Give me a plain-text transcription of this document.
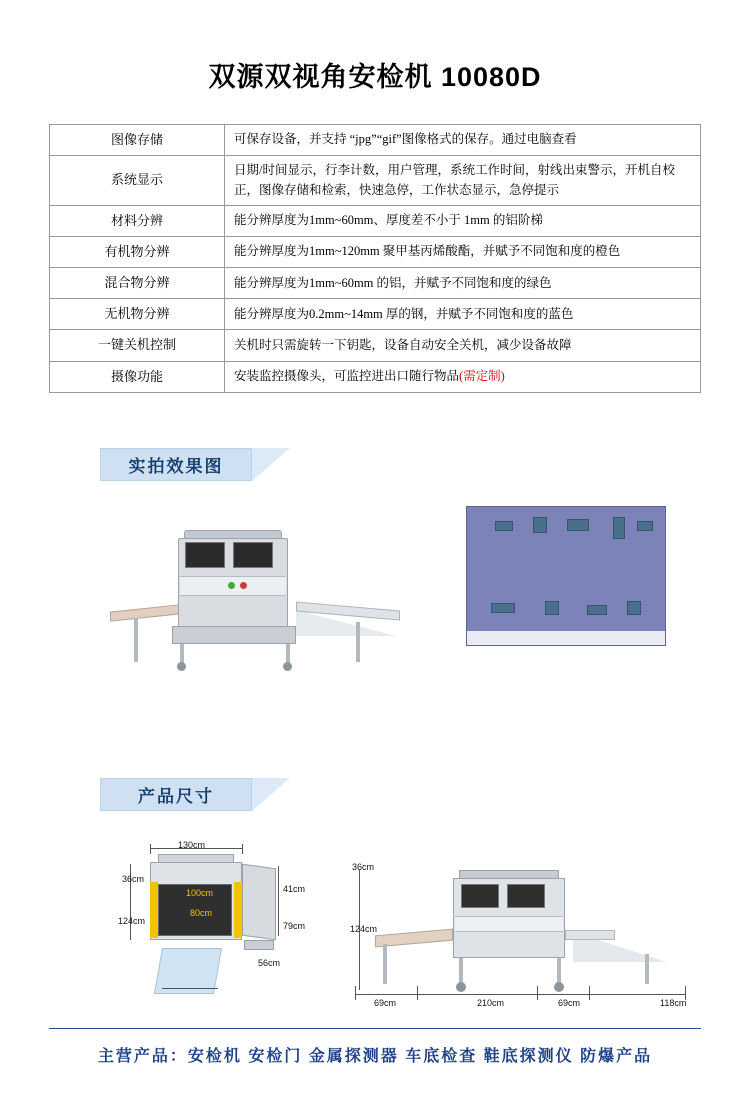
双源双视角安检机 10080D
图像存储	可保存设备，并支持 “jpg”“gif”图像格式的保存。通过电脑查看
系统显示	日期/时间显示，行李计数，用户管理，系统工作时间，射线出束警示，开机自校正，图像存储和检索，快速急停，工作状态显示，急停提示
材料分辨	能分辨厚度为1mm~60mm、厚度差不小于 1mm 的铝阶梯
有机物分辨	能分辨厚度为1mm~120mm 聚甲基丙烯酸酯，并赋予不同饱和度的橙色
混合物分辨	能分辨厚度为1mm~60mm 的铝，并赋予不同饱和度的绿色
无机物分辨	能分辨厚度为0.2mm~14mm 厚的钢，并赋予不同饱和度的蓝色
一键关机控制	关机时只需旋转一下钥匙，设备自动安全关机，减少设备故障
摄像功能	安装监控摄像头，可监控进出口随行物品(需定制)
实拍效果图
产品尺寸
130cm
36cm
100cm
80cm
124cm
41cm
79cm
56cm
36cm
124cm
69cm	210cm	69cm	118cm
主营产品：安检机 安检门 金属探测器 车底检查 鞋底探测仪 防爆产品
